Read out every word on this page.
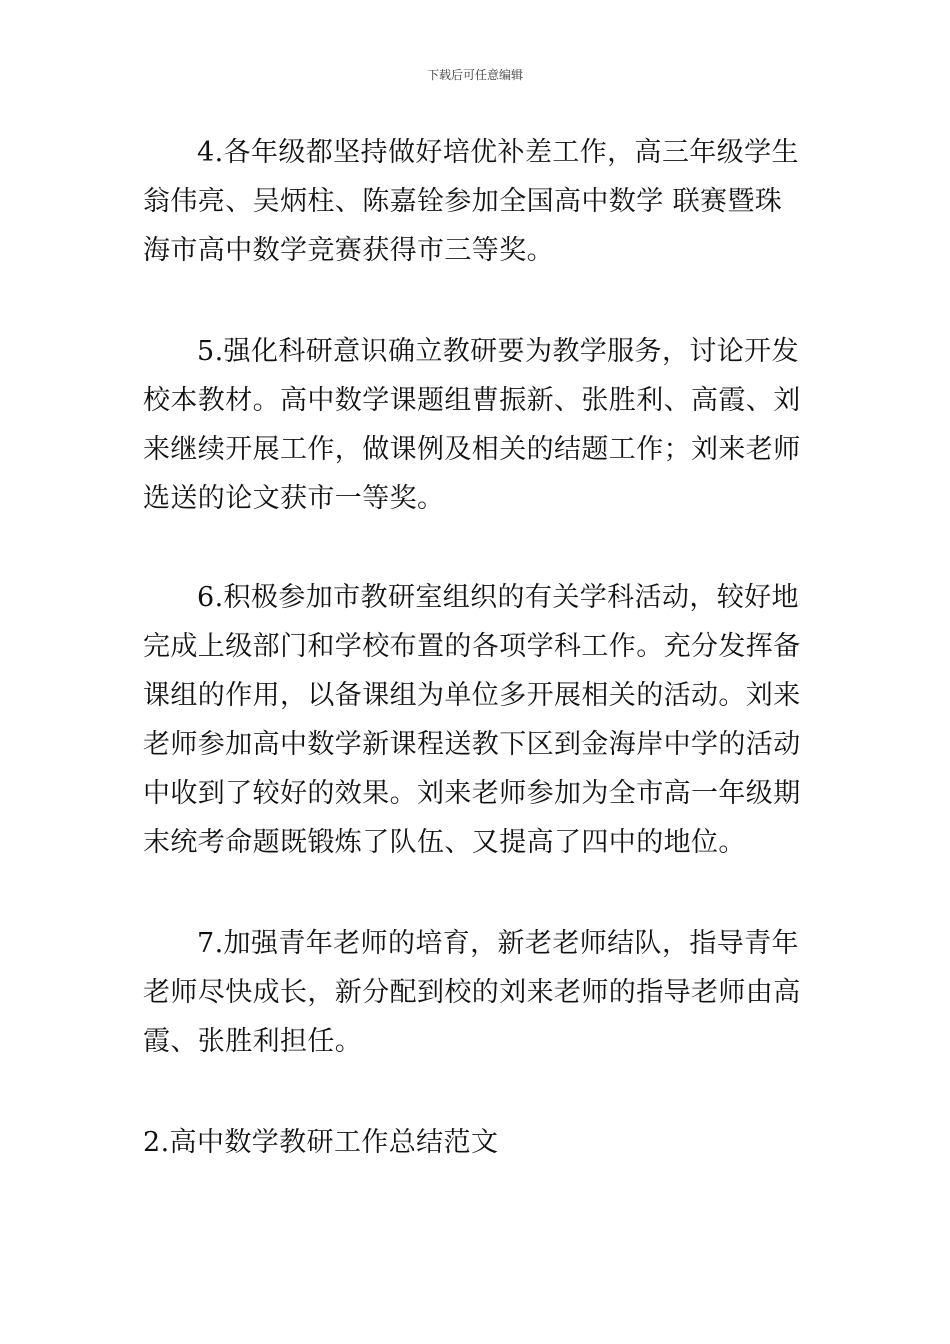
下载后可任意编辑

4.各年级都坚持做好培优补差工作，高三年级学生翁伟亮、吴炳柱、陈嘉铨参加全国高中数学 联赛暨珠海市高中数学竞赛获得市三等奖。

5.强化科研意识确立教研要为教学服务，讨论开发校本教材。高中数学课题组曹振新、张胜利、高霞、刘来继续开展工作，做课例及相关的结题工作；刘来老师选送的论文获市一等奖。

6.积极参加市教研室组织的有关学科活动，较好地完成上级部门和学校布置的各项学科工作。充分发挥备课组的作用，以备课组为单位多开展相关的活动。刘来老师参加高中数学新课程送教下区到金海岸中学的活动中收到了较好的效果。刘来老师参加为全市高一年级期末统考命题既锻炼了队伍、又提高了四中的地位。

7.加强青年老师的培育，新老老师结队，指导青年老师尽快成长，新分配到校的刘来老师的指导老师由高霞、张胜利担任。

2.高中数学教研工作总结范文
